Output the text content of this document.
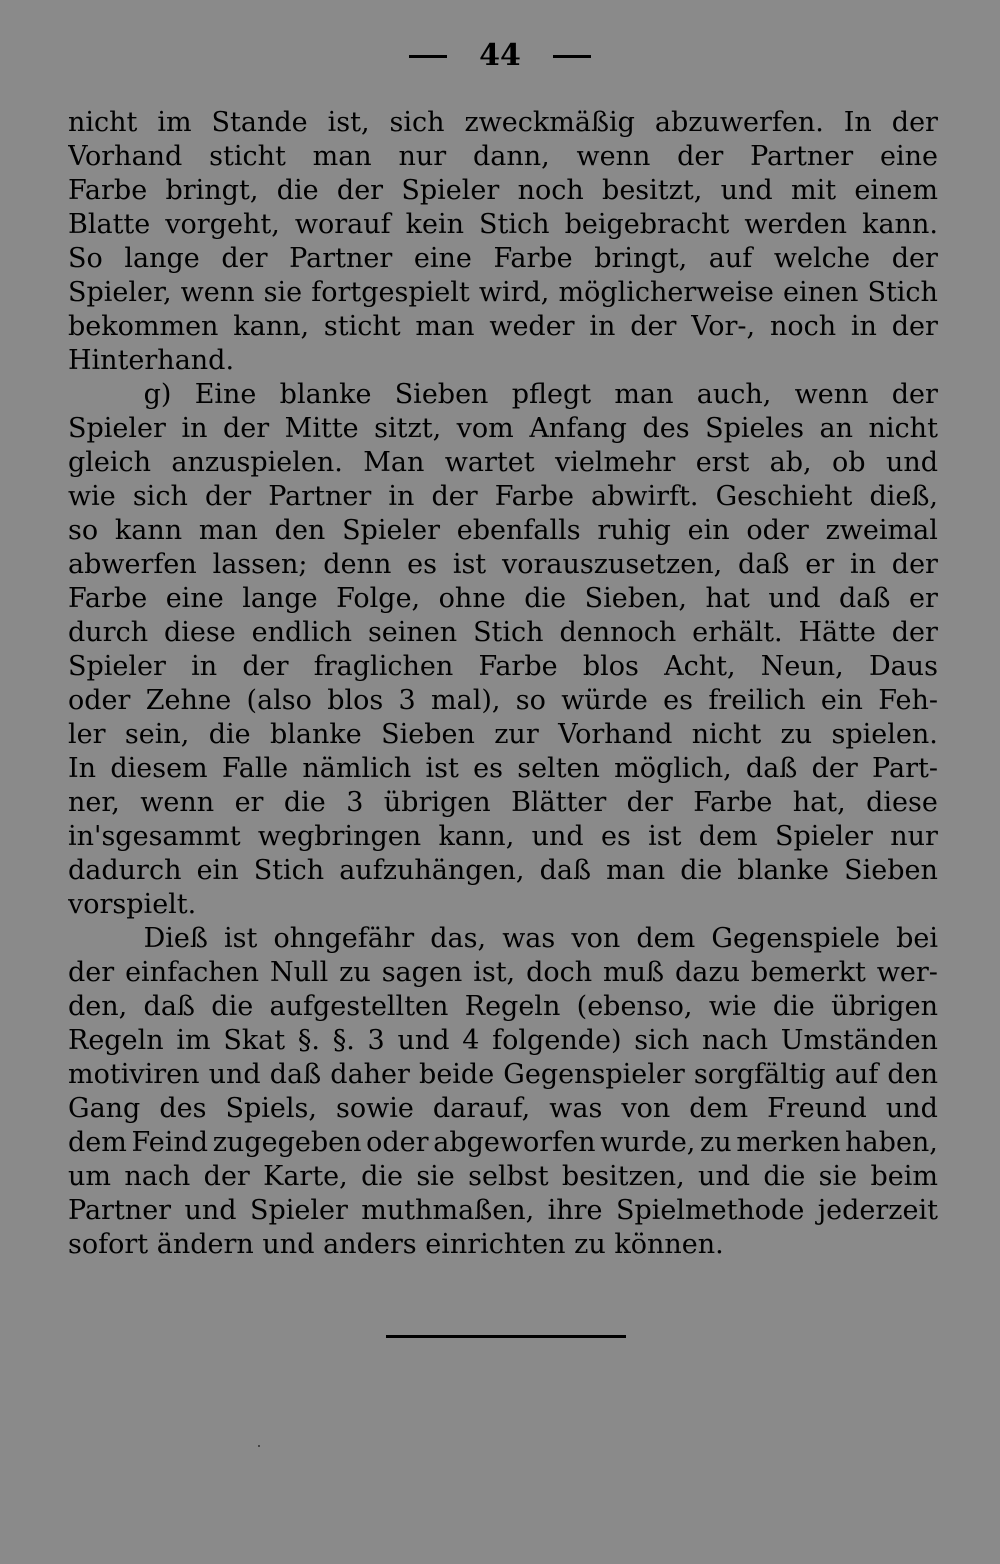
44
nicht im Stande ist, sich zweckmäßig abzuwerfen. In der
Vorhand sticht man nur dann, wenn der Partner eine
Farbe bringt, die der Spieler noch besitzt, und mit einem
Blatte vorgeht, worauf kein Stich beigebracht werden kann.
So lange der Partner eine Farbe bringt, auf welche der
Spieler, wenn sie fortgespielt wird, möglicherweise einen Stich
bekommen kann, sticht man weder in der Vor-, noch in der
Hinterhand.
g) Eine blanke Sieben pflegt man auch, wenn der
Spieler in der Mitte sitzt, vom Anfang des Spieles an nicht
gleich anzuspielen. Man wartet vielmehr erst ab, ob und
wie sich der Partner in der Farbe abwirft. Geschieht dieß,
so kann man den Spieler ebenfalls ruhig ein oder zweimal
abwerfen lassen; denn es ist vorauszusetzen, daß er in der
Farbe eine lange Folge, ohne die Sieben, hat und daß er
durch diese endlich seinen Stich dennoch erhält. Hätte der
Spieler in der fraglichen Farbe blos Acht, Neun, Daus
oder Zehne (also blos 3 mal), so würde es freilich ein Feh-
ler sein, die blanke Sieben zur Vorhand nicht zu spielen.
In diesem Falle nämlich ist es selten möglich, daß der Part-
ner, wenn er die 3 übrigen Blätter der Farbe hat, diese
in'sgesammt wegbringen kann, und es ist dem Spieler nur
dadurch ein Stich aufzuhängen, daß man die blanke Sieben
vorspielt.
Dieß ist ohngefähr das, was von dem Gegenspiele bei
der einfachen Null zu sagen ist, doch muß dazu bemerkt wer-
den, daß die aufgestellten Regeln (ebenso, wie die übrigen
Regeln im Skat §. §. 3 und 4 folgende) sich nach Umständen
motiviren und daß daher beide Gegenspieler sorgfältig auf den
Gang des Spiels, sowie darauf, was von dem Freund und
dem Feind zugegeben oder abgeworfen wurde, zu merken haben,
um nach der Karte, die sie selbst besitzen, und die sie beim
Partner und Spieler muthmaßen, ihre Spielmethode jederzeit
sofort ändern und anders einrichten zu können.
